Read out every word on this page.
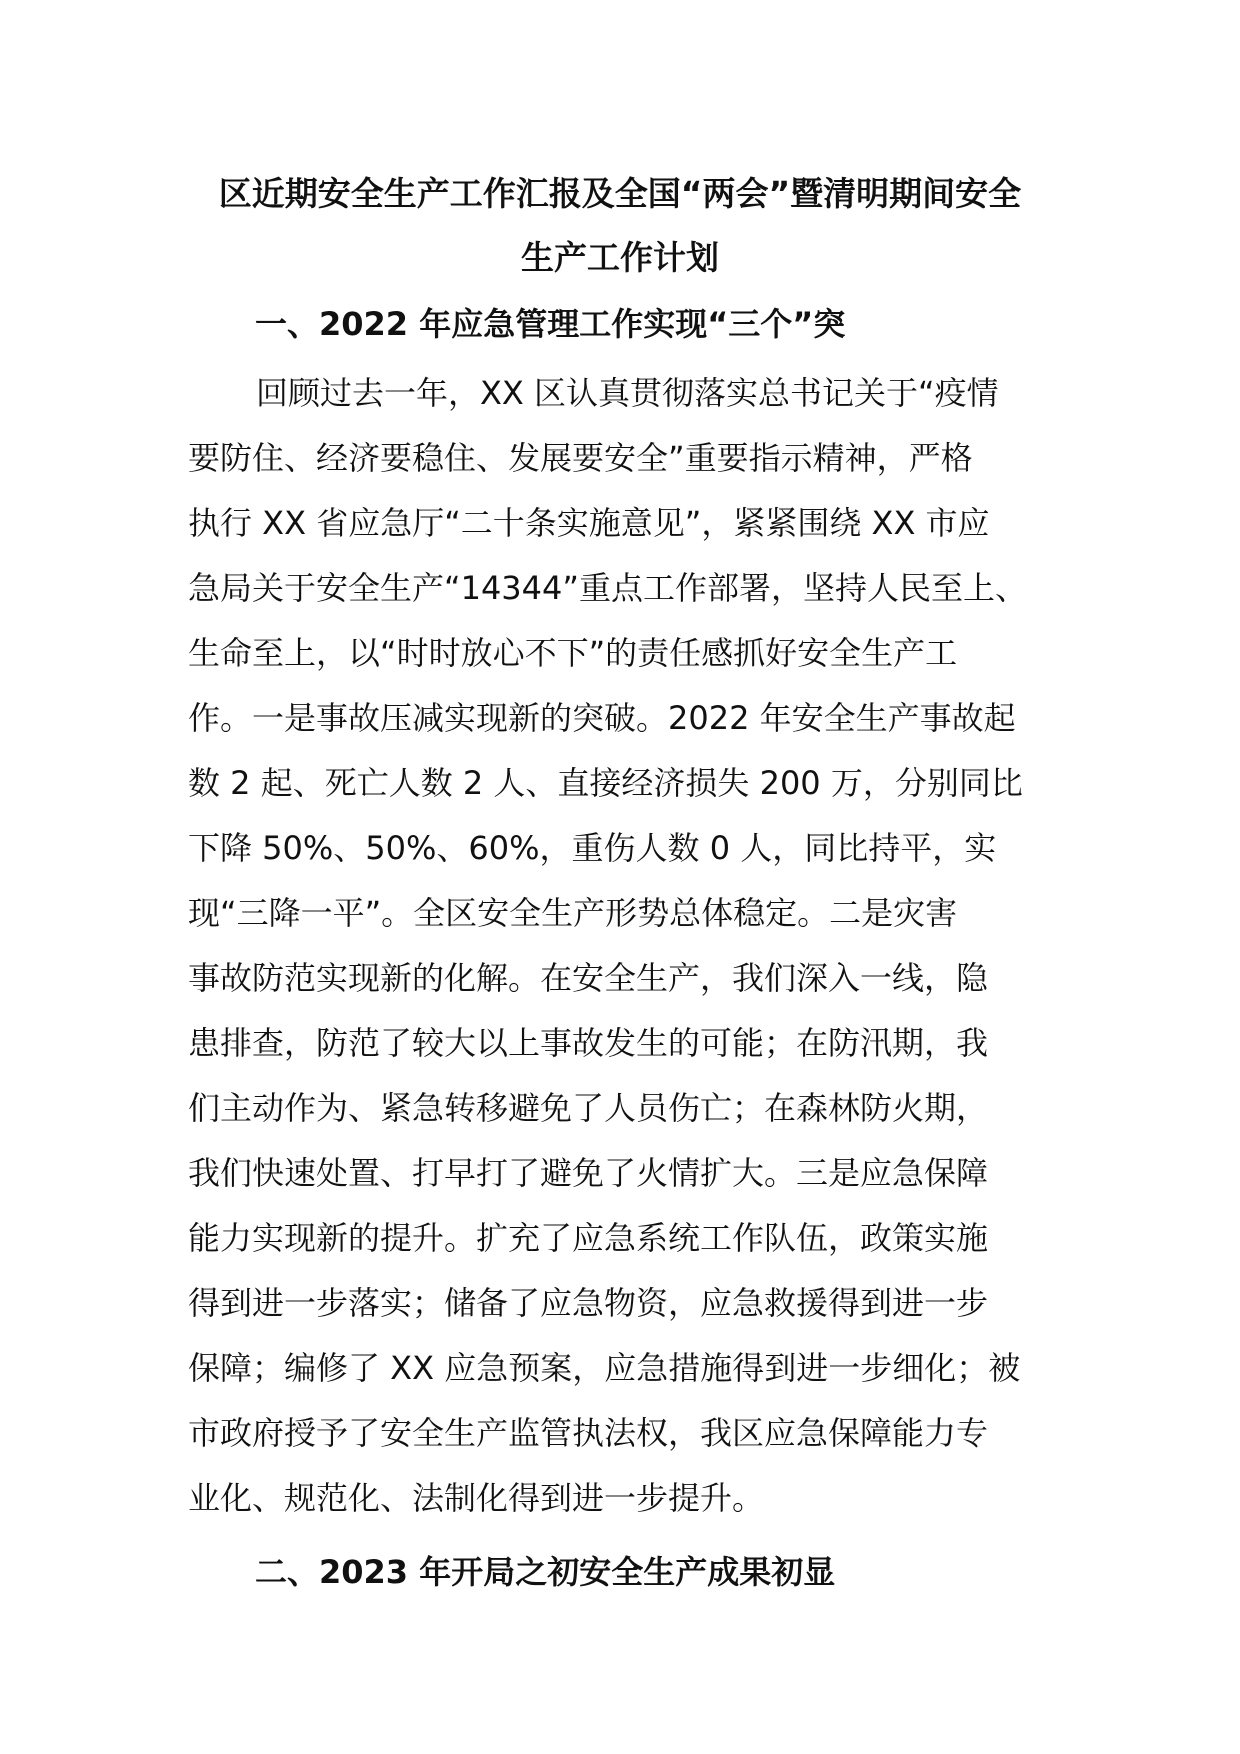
区近期安全生产工作汇报及全国“两会”暨清明期间安全
生产工作计划
一、2022 年应急管理工作实现“三个”突
回顾过去一年，XX 区认真贯彻落实总书记关于“疫情
要防住、经济要稳住、发展要安全”重要指示精神，严格
执行 XX 省应急厅“二十条实施意见”，紧紧围绕 XX 市应
急局关于安全生产“14344”重点工作部署，坚持人民至上、
生命至上，以“时时放心不下”的责任感抓好安全生产工
作。一是事故压减实现新的突破。2022 年安全生产事故起
数 2 起、死亡人数 2 人、直接经济损失 200 万，分别同比
下降 50%、50%、60%，重伤人数 0 人，同比持平，实
现“三降一平”。全区安全生产形势总体稳定。二是灾害
事故防范实现新的化解。在安全生产，我们深入一线，隐
患排查，防范了较大以上事故发生的可能；在防汛期，我
们主动作为、紧急转移避免了人员伤亡；在森林防火期，
我们快速处置、打早打了避免了火情扩大。三是应急保障
能力实现新的提升。扩充了应急系统工作队伍，政策实施
得到进一步落实；储备了应急物资，应急救援得到进一步
保障；编修了 XX 应急预案，应急措施得到进一步细化；被
市政府授予了安全生产监管执法权，我区应急保障能力专
业化、规范化、法制化得到进一步提升。
二、2023 年开局之初安全生产成果初显
